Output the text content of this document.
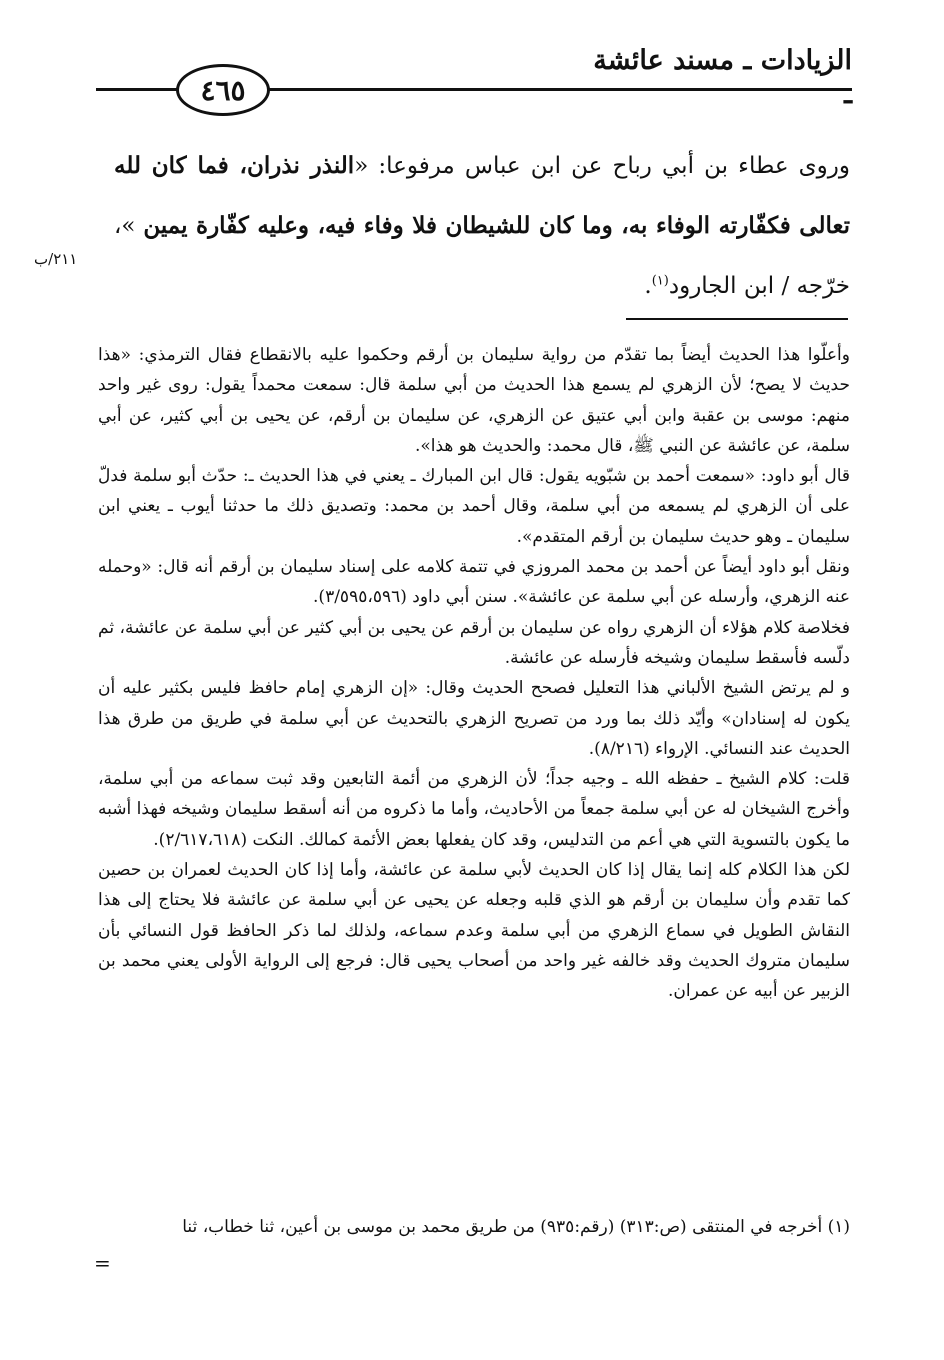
الزيادات ـ مسند عائشة ـ
٤٦٥
وروى عطاء بن أبي رباح عن ابن عباس مرفوعا: «النذر نذران، فما كان لله تعالى فكفّارته الوفاء به، وما كان للشيطان فلا وفاء فيه، وعليه كفّارة يمين »، خرّجه / ابن الجارود$^{(١)}$.
٢١١/ب

وأعلّوا هذا الحديث أيضاً بما تقدّم من رواية سليمان بن أرقم وحكموا عليه بالانقطاع فقال الترمذي: «هذا حديث لا يصح؛ لأن الزهري لم يسمع هذا الحديث من أبي سلمة قال: سمعت محمداً يقول: روى غير واحد منهم: موسى بن عقبة وابن أبي عتيق عن الزهري، عن سليمان بن أرقم، عن يحيى بن أبي كثير، عن أبي سلمة، عن عائشة عن النبي ﷺ، قال محمد: والحديث هو هذا».

قال أبو داود: «سمعت أحمد بن شبّويه يقول: قال ابن المبارك ـ يعني في هذا الحديث ـ: حدّث أبو سلمة فدلّ على أن الزهري لم يسمعه من أبي سلمة، وقال أحمد بن محمد: وتصديق ذلك ما حدثنا أيوب ـ يعني ابن سليمان ـ وهو حديث سليمان بن أرقم المتقدم».

ونقل أبو داود أيضاً عن أحمد بن محمد المروزي في تتمة كلامه على إسناد سليمان بن أرقم أنه قال: «وحمله عنه الزهري، وأرسله عن أبي سلمة عن عائشة». سنن أبي داود (٣/٥٩٥،٥٩٦).

فخلاصة كلام هؤلاء أن الزهري رواه عن سليمان بن أرقم عن يحيى بن أبي كثير عن أبي سلمة عن عائشة، ثم دلّسه فأسقط سليمان وشيخه فأرسله عن عائشة.

و لم يرتض الشيخ الألباني هذا التعليل فصحح الحديث وقال: «إن الزهري إمام حافظ فليس بكثير عليه أن يكون له إسنادان» وأيّد ذلك بما ورد من تصريح الزهري بالتحديث عن أبي سلمة في طريق من طرق هذا الحديث عند النسائي. الإرواء (٨/٢١٦).

قلت: كلام الشيخ ـ حفظه الله ـ وجيه جداً؛ لأن الزهري من أئمة التابعين وقد ثبت سماعه من أبي سلمة، وأخرج الشيخان له عن أبي سلمة جمعاً من الأحاديث، وأما ما ذكروه من أنه أسقط سليمان وشيخه فهذا أشبه ما يكون بالتسوية التي هي أعم من التدليس، وقد كان يفعلها بعض الأئمة كمالك. النكت (٢/٦١٧،٦١٨).

لكن هذا الكلام كله إنما يقال إذا كان الحديث لأبي سلمة عن عائشة، وأما إذا كان الحديث لعمران بن حصين كما تقدم وأن سليمان بن أرقم هو الذي قلبه وجعله عن يحيى عن أبي سلمة عن عائشة فلا يحتاج إلى هذا النقاش الطويل في سماع الزهري من أبي سلمة وعدم سماعه، ولذلك لما ذكر الحافظ قول النسائي بأن سليمان متروك الحديث وقد خالفه غير واحد من أصحاب يحيى قال: فرجع إلى الرواية الأولى يعني محمد بن الزبير عن أبيه عن عمران.

(١) أخرجه في المنتقى (ص:٣١٣) (رقم:٩٣٥) من طريق محمد بن موسى بن أعين، ثنا خطاب، ثنا
=
